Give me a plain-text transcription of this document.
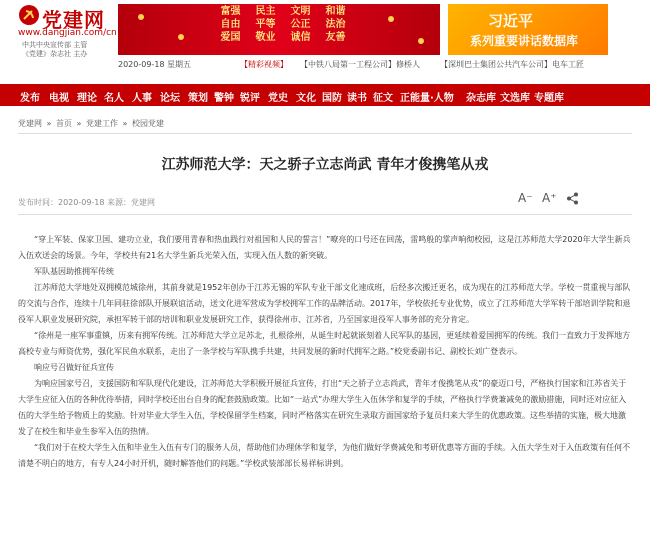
党建网
www.dangjian.com/cn
中共中央宣传部 主管
《党建》杂志社 主办
富强	民主	文明	和谐
自由	平等	公正	法治
爱国	敬业	诚信	友善
习近平
系列重要讲话数据库
2020-09-18 星期五	【精彩视频】 【中铁八局第一工程公司】修桥人	【深圳巴士集团公共汽车公司】电车工匠
发布 电视 理论 名人 人事 论坛 策划 警钟 锐评 党史 文化 国防 读书 征文 正能量·人物 杂志库 文选库 专题库
党建网 » 首页 » 党建工作 » 校园党建
江苏师范大学：天之骄子立志尚武 青年才俊携笔从戎
发布时间：2020-09-18 来源：党建网	A⁻ A⁺

“穿上军装、保家卫国、建功立业，我们要用青春和热血践行对祖国和人民的誓言！”嘹亮的口号还在回荡，雷鸣般的掌声响彻校园，这是江苏师范大学2020年大学生新兵入伍欢送会的场景。今年，学校共有21名大学生新兵光荣入伍，实现入伍人数的新突破。

军队基因助推拥军传统

江苏师范大学地处双拥模范城徐州，其前身就是1952年创办于江苏无锡的军队专业干部文化速成班，后经多次搬迁更名，成为现在的江苏师范大学。学校一贯重视与部队的交流与合作，连续十几年同驻徐部队开展联谊活动，送文化进军营成为学校拥军工作的品牌活动。2017年，学校依托专业优势，成立了江苏师范大学军转干部培训学院和退役军人职业发展研究院，承担军转干部的培训和职业发展研究工作，获得徐州市、江苏省，乃至国家退役军人事务部的充分肯定。

“徐州是一座军事重镇，历来有拥军传统。江苏师范大学立足苏北，扎根徐州，从诞生时起就嵌刻着人民军队的基因，更延续着爱国拥军的传统。我们一直致力于发挥地方高校专业与师资优势，强化军民鱼水联系，走出了一条学校与军队携手共建，共同发展的新时代拥军之路。”校党委副书记、副校长刘广登表示。

响应号召做好征兵宣传

为响应国家号召，支援国防和军队现代化建设，江苏师范大学积极开展征兵宣传，打出“天之骄子立志尚武，青年才俊携笔从戎”的豪迈口号，严格执行国家和江苏省关于大学生应征入伍的各种优待举措，同时学校还出台自身的配套鼓励政策。比如“一站式”办理大学生入伍休学和复学的手续，严格执行学费兼减免的激励措施，同时还对应征入伍的大学生给予物质上的奖励。针对毕业大学生入伍，学校保留学生档案，同时严格落实在研究生录取方面国家给予复员归来大学生的优惠政策。这些举措的实施，极大地激发了在校生和毕业生参军入伍的热情。

“我们对于在校大学生入伍和毕业生入伍有专门的服务人员，帮助他们办理休学和复学，为他们做好学费减免和考研优惠等方面的手续。入伍大学生对于入伍政策有任何不清楚不明白的地方，有专人24小时开机，随时解答他们的问题。”学校武装部部长易祥标讲到。
